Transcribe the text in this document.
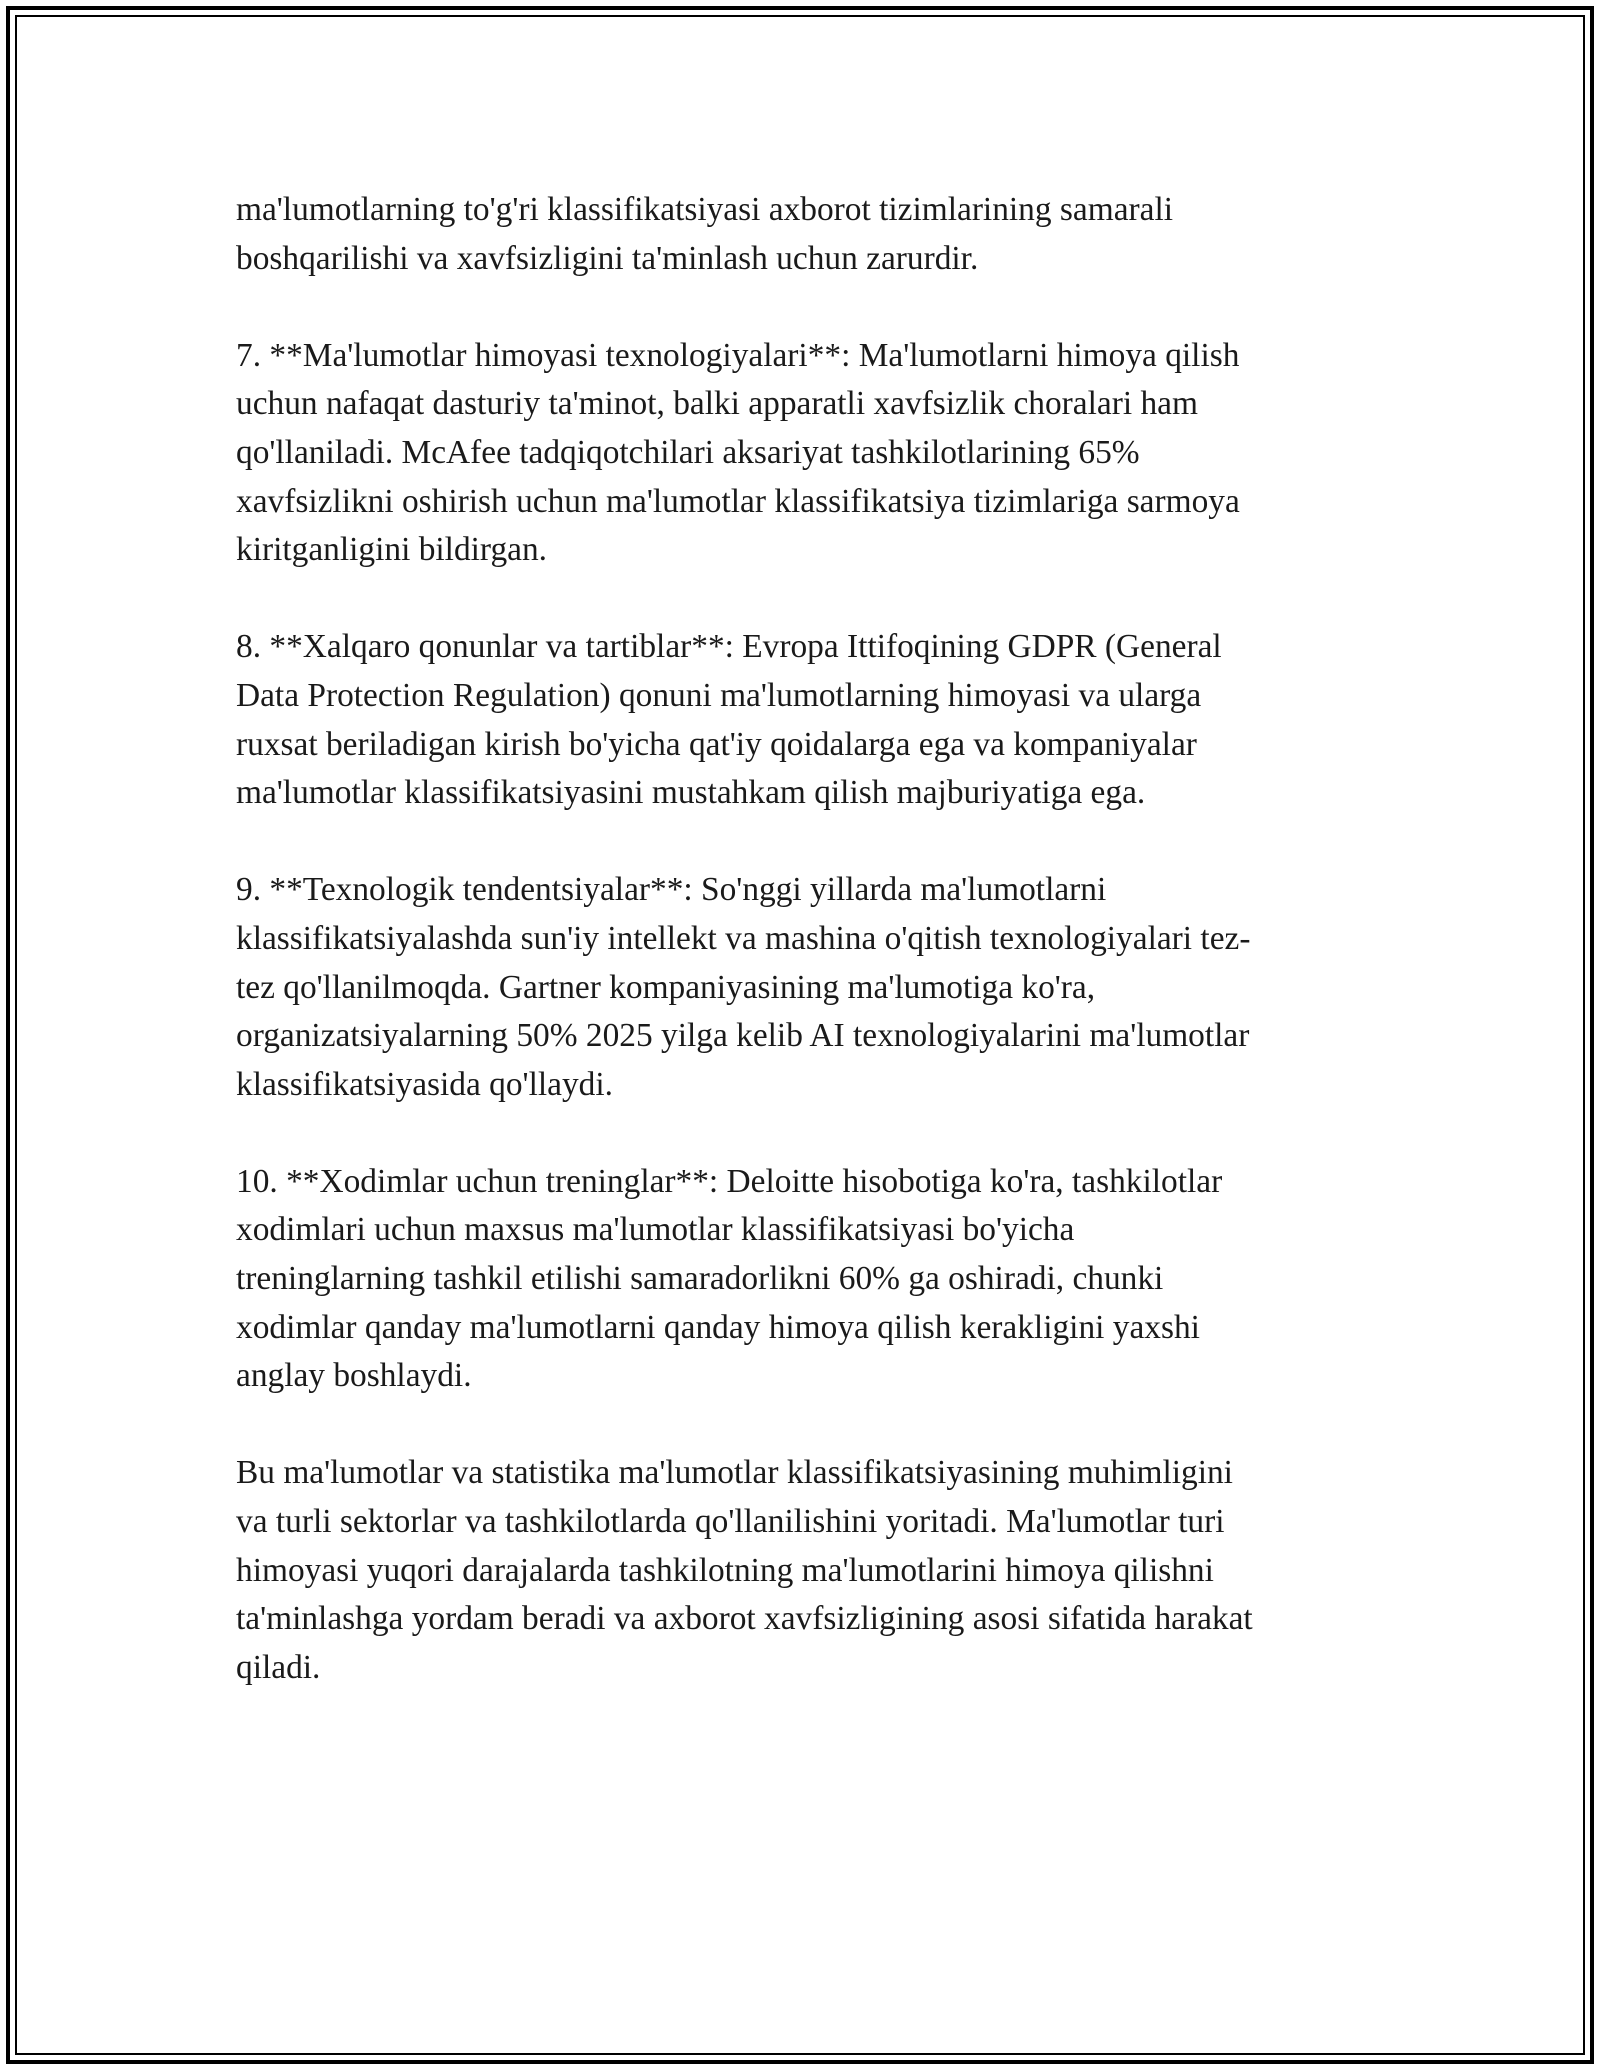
ma'lumotlarning to'g'ri klassifikatsiyasi axborot tizimlarining samarali
boshqarilishi va xavfsizligini ta'minlash uchun zarurdir.

7. **Ma'lumotlar himoyasi texnologiyalari**: Ma'lumotlarni himoya qilish
uchun nafaqat dasturiy ta'minot, balki apparatli xavfsizlik choralari ham
qo'llaniladi. McAfee tadqiqotchilari aksariyat tashkilotlarining 65%
xavfsizlikni oshirish uchun ma'lumotlar klassifikatsiya tizimlariga sarmoya
kiritganligini bildirgan.

8. **Xalqaro qonunlar va tartiblar**: Evropa Ittifoqining GDPR (General
Data Protection Regulation) qonuni ma'lumotlarning himoyasi va ularga
ruxsat beriladigan kirish bo'yicha qat'iy qoidalarga ega va kompaniyalar
ma'lumotlar klassifikatsiyasini mustahkam qilish majburiyatiga ega.

9. **Texnologik tendentsiyalar**: So'nggi yillarda ma'lumotlarni
klassifikatsiyalashda sun'iy intellekt va mashina o'qitish texnologiyalari tez-
tez qo'llanilmoqda. Gartner kompaniyasining ma'lumotiga ko'ra,
organizatsiyalarning 50% 2025 yilga kelib AI texnologiyalarini ma'lumotlar
klassifikatsiyasida qo'llaydi.

10. **Xodimlar uchun treninglar**: Deloitte hisobotiga ko'ra, tashkilotlar
xodimlari uchun maxsus ma'lumotlar klassifikatsiyasi bo'yicha
treninglarning tashkil etilishi samaradorlikni 60% ga oshiradi, chunki
xodimlar qanday ma'lumotlarni qanday himoya qilish kerakligini yaxshi
anglay boshlaydi.

Bu ma'lumotlar va statistika ma'lumotlar klassifikatsiyasining muhimligini
va turli sektorlar va tashkilotlarda qo'llanilishini yoritadi. Ma'lumotlar turi
himoyasi yuqori darajalarda tashkilotning ma'lumotlarini himoya qilishni
ta'minlashga yordam beradi va axborot xavfsizligining asosi sifatida harakat
qiladi.
